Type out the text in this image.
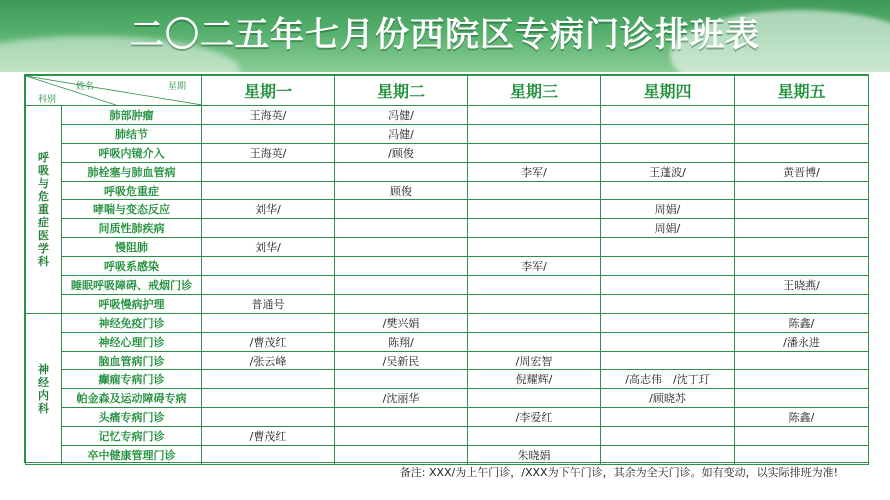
二〇二五年七月份西院区专病门诊排班表
姓名 星期
科别		星期一	星期二	星期三	星期四	星期五

呼吸与危重症医学科	肺部肿瘤	王海英/	冯健/			
	肺结节		冯健/			
	呼吸内镜介入	王海英/	/顾俊			
	肺栓塞与肺血管病			李军/	王蓬波/	黄晋博/
	呼吸危重症		顾俊			
	哮喘与变态反应	刘华/			周娟/	
	间质性肺疾病				周娟/	
	慢阻肺	刘华/				
	呼吸系感染			李军/		
	睡眠呼吸障碍、戒烟门诊					王晓燕/
	呼吸慢病护理	普通号				

神经内科	神经免疫门诊		/樊兴娟			陈鑫/
	神经心理门诊	/曹茂红	陈翔/			/潘永进
	脑血管病门诊	/张云峰	/吴新民	/周宏智		
	癫痫专病门诊			倪耀辉/	/高志伟　/沈丁玎	
	帕金森及运动障碍专病		/沈丽华		/顾晓苏	
	头痛专病门诊			/李爱红		陈鑫/
	记忆专病门诊	/曹茂红				
	卒中健康管理门诊			朱晓娟		
备注: XXX/为上午门诊，/XXX为下午门诊，其余为全天门诊。如有变动，以实际排班为准!
